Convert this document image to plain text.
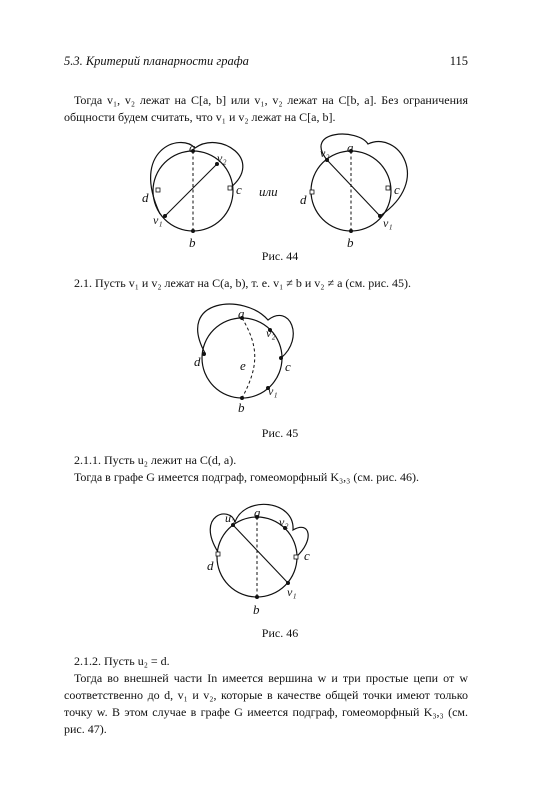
5.3. Критерий планарности графа	115
Тогда v₁, v₂ лежат на C[a, b] или v₁, v₂ лежат на C[b, a]. Без ограничения общности будем считать, что v₁ и v₂ лежат на C[a, b].
a
b
c
d
v₂
v₁
или
a
b
c
d
v₂
v₁
Рис. 44
2.1. Пусть v₁ и v₂ лежат на C(a, b), т. е. v₁ ≠ b и v₂ ≠ a (см. рис. 45).
a
b
c
d	e
v₂
v₁
Рис. 45
2.1.1. Пусть u₂ лежит на C(d, a).
Тогда в графе G имеется подграф, гомеоморфный K₃,₃ (см. рис. 46).
a
b
c
d
u₂	v₂
v₁
Рис. 46
2.1.2. Пусть u₂ = d.
Тогда во внешней части In имеется вершина w и три простые цепи от w соответственно до d, v₁ и v₂, которые в качестве общей точки имеют только точку w. В этом случае в графе G имеется подграф, гомеоморфный K₃,₃ (см. рис. 47).
